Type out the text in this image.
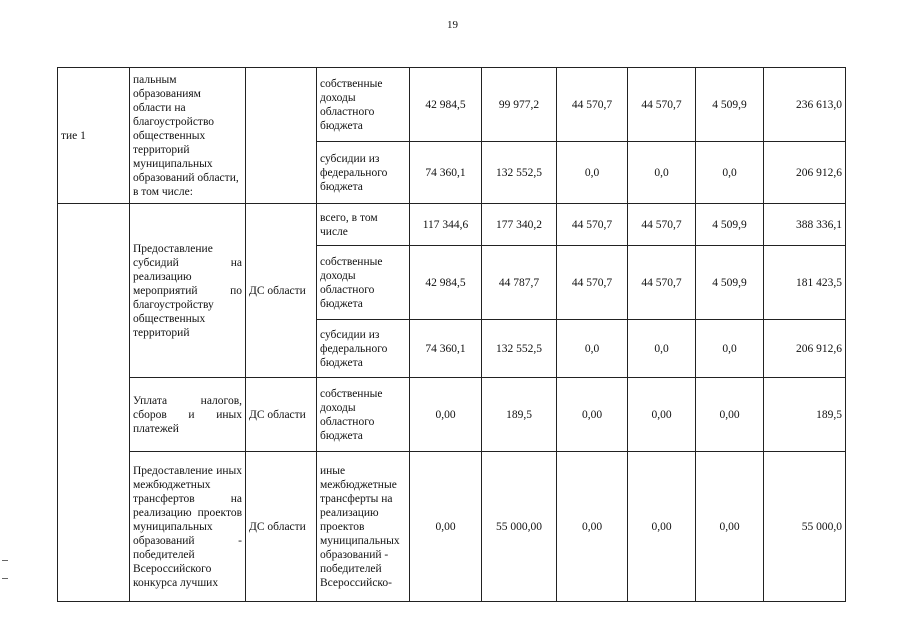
19
тие 1	пальным образованиям области на благоустройство общественных территорий муниципальных образований области, в том числе:		собственные доходы областного бюджета	42 984,5	99 977,2	44 570,7	44 570,7	4 509,9	236 613,0
			субсидии из федерального бюджета	74 360,1	132 552,5	0,0	0,0	0,0	206 912,6
	Предоставление субсидий на реализацию мероприятий по благоустройству общественных территорий	ДС области	всего, в том числе	117 344,6	177 340,2	44 570,7	44 570,7	4 509,9	388 336,1
			собственные доходы областного бюджета	42 984,5	44 787,7	44 570,7	44 570,7	4 509,9	181 423,5
			субсидии из федерального бюджета	74 360,1	132 552,5	0,0	0,0	0,0	206 912,6
	Уплата налогов, сборов и иных платежей	ДС области	собственные доходы областного бюджета	0,00	189,5	0,00	0,00	0,00	189,5
	Предоставление иных межбюджетных трансфертов на реализацию проектов муниципальных образований - победителей Всероссийского конкурса лучших	ДС области	иные межбюджетные трансферты на реализацию проектов муниципальных образований - победителей Всероссийско-	0,00	55 000,00	0,00	0,00	0,00	55 000,0
